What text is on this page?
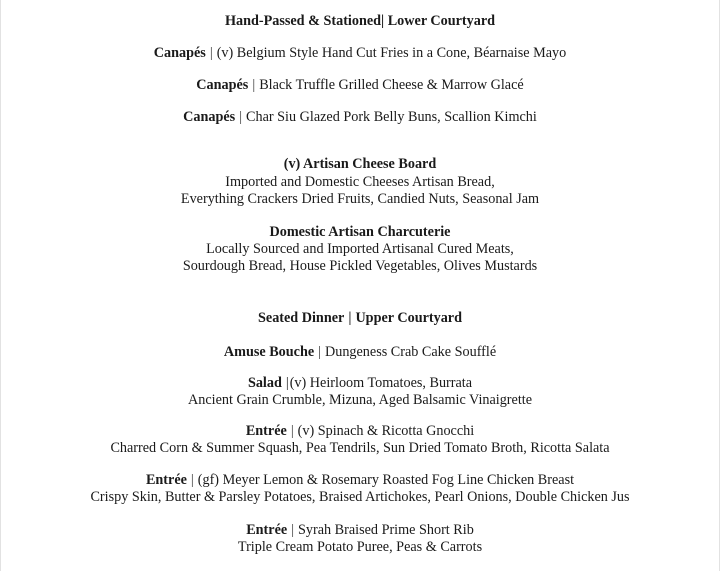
Hand-Passed & Stationed| Lower Courtyard
Canapés | (v) Belgium Style Hand Cut Fries in a Cone, Béarnaise Mayo
Canapés | Black Truffle Grilled Cheese & Marrow Glacé
Canapés | Char Siu Glazed Pork Belly Buns, Scallion Kimchi
(v) Artisan Cheese Board
Imported and Domestic Cheeses Artisan Bread,
Everything Crackers Dried Fruits, Candied Nuts, Seasonal Jam
Domestic Artisan Charcuterie
Locally Sourced and Imported Artisanal Cured Meats,
Sourdough Bread, House Pickled Vegetables, Olives Mustards
Seated Dinner | Upper Courtyard
Amuse Bouche | Dungeness Crab Cake Soufflé
Salad |(v) Heirloom Tomatoes, Burrata
Ancient Grain Crumble, Mizuna, Aged Balsamic Vinaigrette
Entrée | (v) Spinach & Ricotta Gnocchi
Charred Corn & Summer Squash, Pea Tendrils, Sun Dried Tomato Broth, Ricotta Salata
Entrée | (gf) Meyer Lemon & Rosemary Roasted Fog Line Chicken Breast
Crispy Skin, Butter & Parsley Potatoes, Braised Artichokes, Pearl Onions, Double Chicken Jus
Entrée | Syrah Braised Prime Short Rib
Triple Cream Potato Puree, Peas & Carrots
